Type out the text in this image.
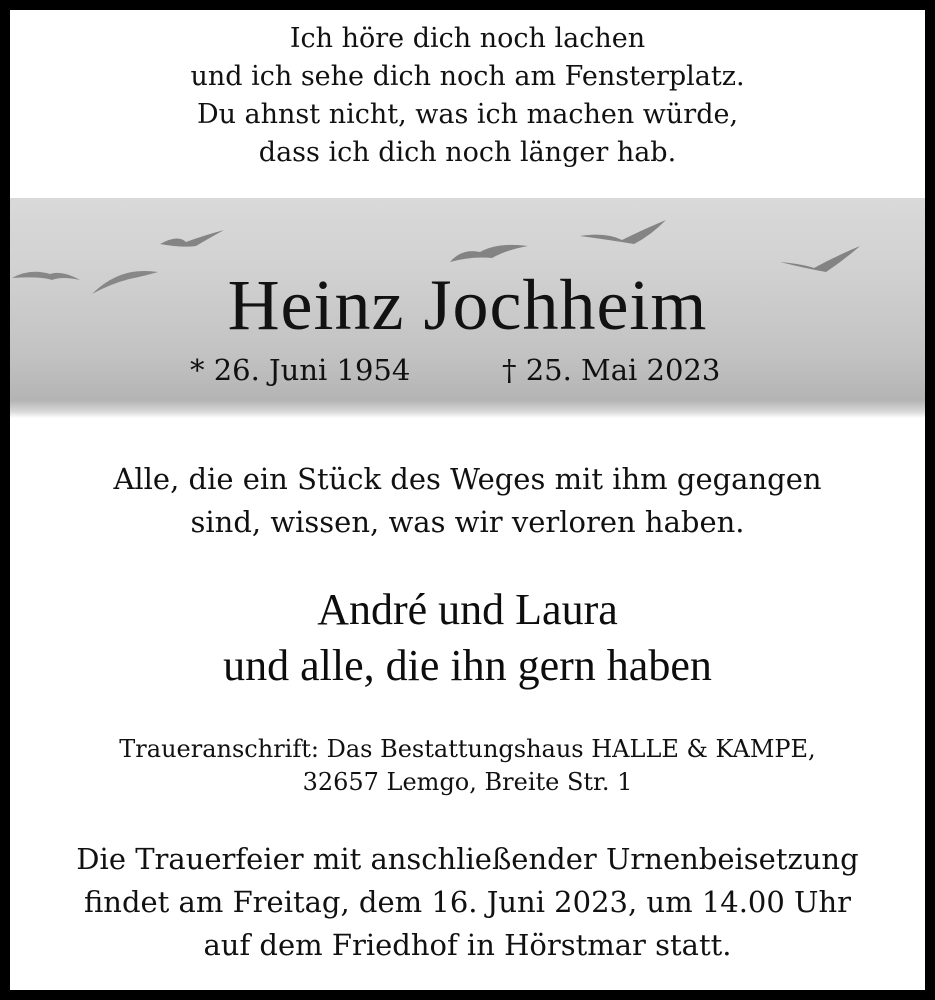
Ich höre dich noch lachen
und ich sehe dich noch am Fensterplatz.
Du ahnst nicht, was ich machen würde,
dass ich dich noch länger hab.
Heinz Jochheim
* 26. Juni 1954	† 25. Mai 2023
Alle, die ein Stück des Weges mit ihm gegangen
sind, wissen, was wir verloren haben.
André und Laura
und alle, die ihn gern haben
Traueranschrift: Das Bestattungshaus HALLE & KAMPE,
32657 Lemgo, Breite Str. 1
Die Trauerfeier mit anschließender Urnenbeisetzung
findet am Freitag, dem 16. Juni 2023, um 14.00 Uhr
auf dem Friedhof in Hörstmar statt.
